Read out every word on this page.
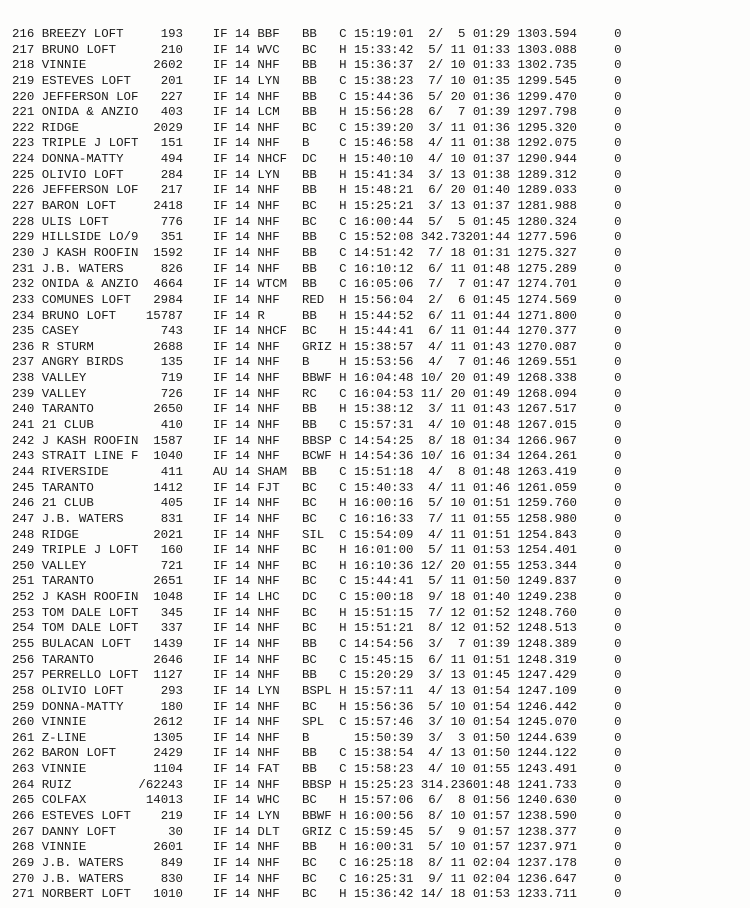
216 BREEZY LOFT	193 IF 14 BBF BB C 15:19:01 2/ 5 01:29 1303.594	0
217 BRUNO LOFT	210 IF 14 WVC BC H 15:33:42 5/ 11 01:33 1303.088	0
218 VINNIE	2602 IF 14 NHF BB H 15:36:37 2/ 10 01:33 1302.735	0
219 ESTEVES LOFT 201 IF 14 LYN BB C 15:38:23 7/ 10 01:35 1299.545	0
220 JEFFERSON LOF 227 IF 14 NHF BB C 15:44:36 5/ 20 01:36 1299.470	0
221 ONIDA & ANZIO 403 IF 14 LCM BB H 15:56:28 6/ 7 01:39 1297.798	0
222 RIDGE	2029 IF 14 NHF BC C 15:39:20 3/ 11 01:36 1295.320	0
223 TRIPLE J LOFT 151 IF 14 NHF B C 15:46:58 4/ 11 01:38 1292.075	0
224 DONNA-MATTY	494 IF 14 NHCF DC H 15:40:10 4/ 10 01:37 1290.944	0
225 OLIVIO LOFT	284 IF 14 LYN BB H 15:41:34 3/ 13 01:38 1289.312	0
226 JEFFERSON LOF 217 IF 14 NHF BB H 15:48:21 6/ 20 01:40 1289.033	0
227 BARON LOFT	2418 IF 14 NHF BC H 15:25:21 3/ 13 01:37 1281.988	0
228 ULIS LOFT	776 IF 14 NHF BC C 16:00:44 5/ 5 01:45 1280.324	0
229 HILLSIDE LO/9 351 IF 14 NHF BB C 15:52:08 342.73201:44 1277.596	0
230 J KASH ROOFIN 1592 IF 14 NHF BB C 14:51:42 7/ 18 01:31 1275.327	0
231 J.B. WATERS	826 IF 14 NHF BB C 16:10:12 6/ 11 01:48 1275.289	0
232 ONIDA & ANZIO 4664 IF 14 WTCM BB C 16:05:06 7/ 7 01:47 1274.701	0
233 COMUNES LOFT 2984 IF 14 NHF RED H 15:56:04 2/ 6 01:45 1274.569	0
234 BRUNO LOFT 15787 IF 14 R	BB H 15:44:52 6/ 11 01:44 1271.800	0
235 CASEY	743 IF 14 NHCF BC H 15:44:41 6/ 11 01:44 1270.377	0
236 R STURM	2688 IF 14 NHF GRIZ H 15:38:57 4/ 11 01:43 1270.087	0
237 ANGRY BIRDS	135 IF 14 NHF B H 15:53:56 4/ 7 01:46 1269.551	0
238 VALLEY	719 IF 14 NHF BBWF H 16:04:48 10/ 20 01:49 1268.338	0
239 VALLEY	726 IF 14 NHF RC C 16:04:53 11/ 20 01:49 1268.094	0
240 TARANTO	2650 IF 14 NHF BB H 15:38:12 3/ 11 01:43 1267.517	0
241 21 CLUB	410 IF 14 NHF BB C 15:57:31 4/ 10 01:48 1267.015	0
242 J KASH ROOFIN 1587 IF 14 NHF BBSP C 14:54:25 8/ 18 01:34 1266.967	0
243 STRAIT LINE F 1040 IF 14 NHF BCWF H 14:54:36 10/ 16 01:34 1264.261	0
244 RIVERSIDE	411 AU 14 SHAM BB C 15:51:18 4/ 8 01:48 1263.419	0
245 TARANTO	1412 IF 14 FJT BC C 15:40:33 4/ 11 01:46 1261.059	0
246 21 CLUB	405 IF 14 NHF BC H 16:00:16 5/ 10 01:51 1259.760	0
247 J.B. WATERS	831 IF 14 NHF BC C 16:16:33 7/ 11 01:55 1258.980	0
248 RIDGE	2021 IF 14 NHF SIL C 15:54:09 4/ 11 01:51 1254.843	0
249 TRIPLE J LOFT 160 IF 14 NHF BC H 16:01:00 5/ 11 01:53 1254.401	0
250 VALLEY	721 IF 14 NHF BC H 16:10:36 12/ 20 01:55 1253.344	0
251 TARANTO	2651 IF 14 NHF BC C 15:44:41 5/ 11 01:50 1249.837	0
252 J KASH ROOFIN 1048 IF 14 LHC DC C 15:00:18 9/ 18 01:40 1249.238	0
253 TOM DALE LOFT 345 IF 14 NHF BC H 15:51:15 7/ 12 01:52 1248.760	0
254 TOM DALE LOFT 337 IF 14 NHF BC H 15:51:21 8/ 12 01:52 1248.513	0
255 BULACAN LOFT 1439 IF 14 NHF BB C 14:54:56 3/ 7 01:39 1248.389	0
256 TARANTO	2646 IF 14 NHF BC C 15:45:15 6/ 11 01:51 1248.319	0
257 PERRELLO LOFT 1127 IF 14 NHF BB C 15:20:29 3/ 13 01:45 1247.429	0
258 OLIVIO LOFT	293 IF 14 LYN BSPL H 15:57:11 4/ 13 01:54 1247.109	0
259 DONNA-MATTY	180 IF 14 NHF BC H 15:56:36 5/ 10 01:54 1246.442	0
260 VINNIE	2612 IF 14 NHF SPL C 15:57:46 3/ 10 01:54 1245.070	0
261 Z-LINE	1305 IF 14 NHF B	15:50:39 3/ 3 01:50 1244.639	0
262 BARON LOFT	2429 IF 14 NHF BB C 15:38:54 4/ 13 01:50 1244.122	0
263 VINNIE	1104 IF 14 FAT BB C 15:58:23 4/ 10 01:55 1243.491	0
264 RUIZ         /62243 IF 14 NHF BBSP H 15:25:23 314.23601:48 1241.733	0
265 COLFAX	14013 IF 14 WHC BC H 15:57:06 6/ 8 01:56 1240.630	0
266 ESTEVES LOFT 219 IF 14 LYN BBWF H 16:00:56 8/ 10 01:57 1238.590	0
267 DANNY LOFT	30 IF 14 DLT GRIZ C 15:59:45 5/ 9 01:57 1238.377	0
268 VINNIE	2601 IF 14 NHF BB H 16:00:31 5/ 10 01:57 1237.971	0
269 J.B. WATERS	849 IF 14 NHF BC C 16:25:18 8/ 11 02:04 1237.178	0
270 J.B. WATERS	830 IF 14 NHF BC C 16:25:31 9/ 11 02:04 1236.647	0
271 NORBERT LOFT 1010 IF 14 NHF BC H 15:36:42 14/ 18 01:53 1233.711	0
